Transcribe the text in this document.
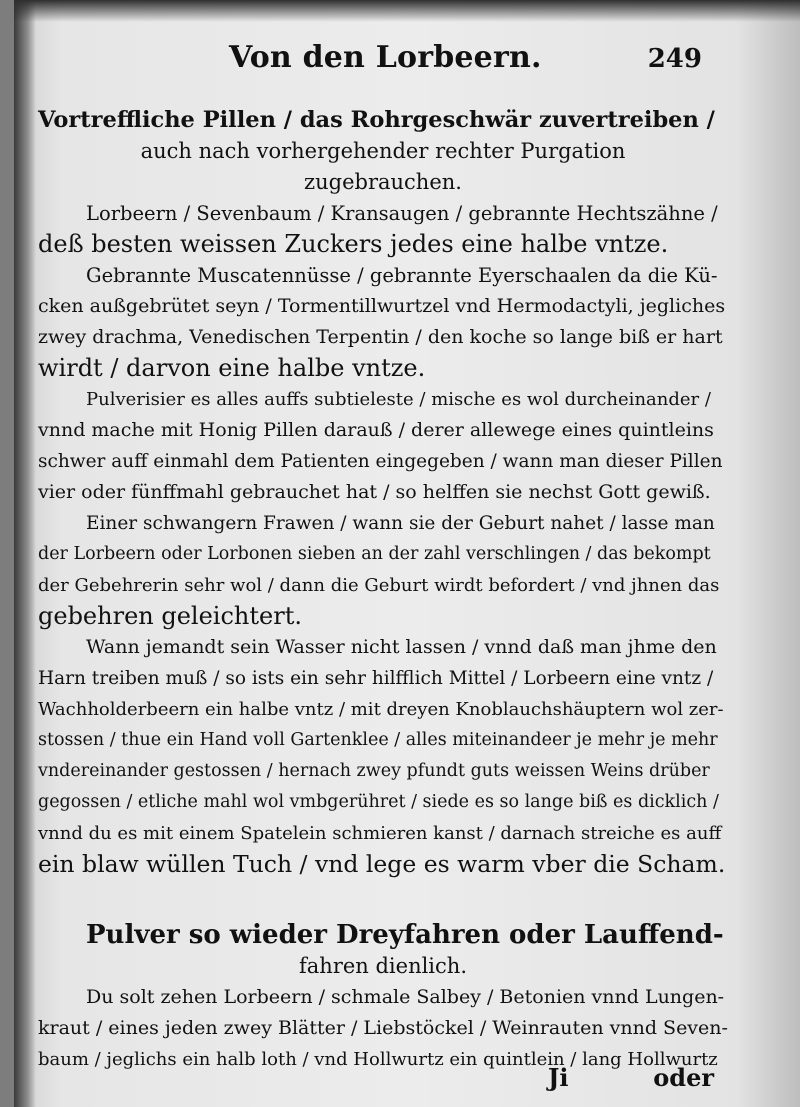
Von den Lorbeern.	249
Vortreffliche Pillen / das Rohrgeschwär zuvertreiben /
auch nach vorhergehender rechter Purgation
zugebrauchen.
Lorbeern / Sevenbaum / Kransaugen / gebrannte Hechtszähne /
deß besten weissen Zuckers jedes eine halbe vntze.
Gebrannte Muscatennüsse / gebrannte Eyerschaalen da die Kü-
cken außgebrütet seyn / Tormentillwurtzel vnd Hermodactyli, jegliches
zwey drachma, Venedischen Terpentin / den koche so lange biß er hart
wirdt / darvon eine halbe vntze.
Pulverisier es alles auffs subtieleste / mische es wol durcheinander /
vnnd mache mit Honig Pillen darauß / derer allewege eines quintleins
schwer auff einmahl dem Patienten eingegeben / wann man dieser Pillen
vier oder fünffmahl gebrauchet hat / so helffen sie nechst Gott gewiß.
Einer schwangern Frawen / wann sie der Geburt nahet / lasse man
der Lorbeern oder Lorbonen sieben an der zahl verschlingen / das bekompt
der Gebehrerin sehr wol / dann die Geburt wirdt befordert / vnd jhnen das
gebehren geleichtert.
Wann jemandt sein Wasser nicht lassen / vnnd daß man jhme den
Harn treiben muß / so ists ein sehr hilfflich Mittel / Lorbeern eine vntz /
Wachholderbeern ein halbe vntz / mit dreyen Knoblauchshäuptern wol zer-
stossen / thue ein Hand voll Gartenklee / alles miteinandeer je mehr je mehr
vndereinander gestossen / hernach zwey pfundt guts weissen Weins drüber
gegossen / etliche mahl wol vmbgerühret / siede es so lange biß es dicklich /
vnnd du es mit einem Spatelein schmieren kanst / darnach streiche es auff
ein blaw wüllen Tuch / vnd lege es warm vber die Scham.
Pulver so wieder Dreyfahren oder Lauffend-
fahren dienlich.
Du solt zehen Lorbeern / schmale Salbey / Betonien vnnd Lungen-
kraut / eines jeden zwey Blätter / Liebstöckel / Weinrauten vnnd Seven-
baum / jeglichs ein halb loth / vnd Hollwurtz ein quintlein / lang Hollwurtz
Ji	oder
